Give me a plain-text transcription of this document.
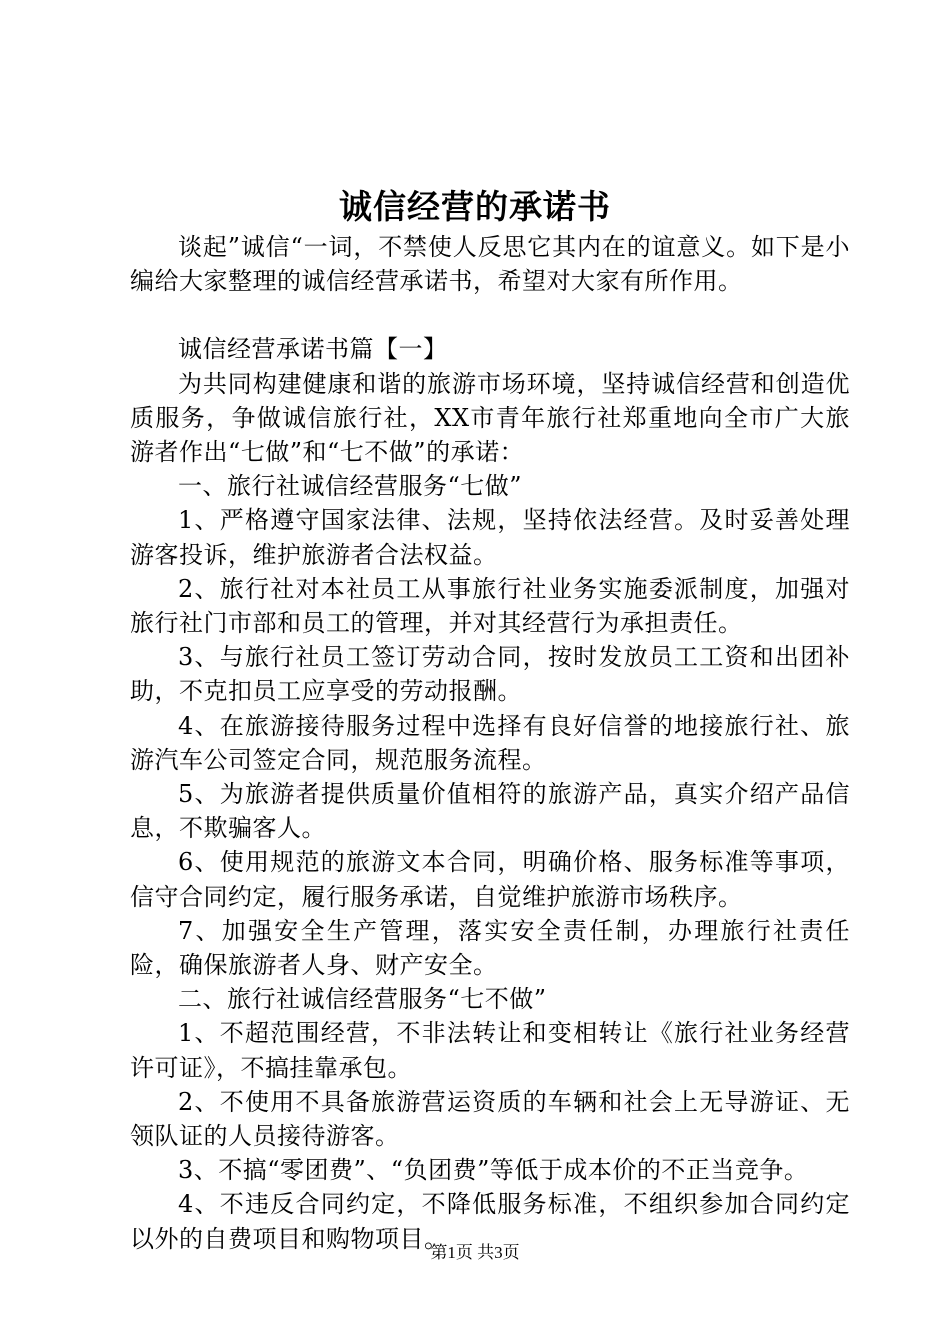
诚信经营的承诺书

谈起”诚信“一词，不禁使人反思它其内在的谊意义。如下是小编给大家整理的诚信经营承诺书，希望对大家有所作用。

诚信经营承诺书篇【一】

为共同构建健康和谐的旅游市场环境，坚持诚信经营和创造优质服务，争做诚信旅行社，XX市青年旅行社郑重地向全市广大旅游者作出“七做”和“七不做”的承诺：

一、旅行社诚信经营服务“七做”

1、严格遵守国家法律、法规，坚持依法经营。及时妥善处理游客投诉，维护旅游者合法权益。

2、旅行社对本社员工从事旅行社业务实施委派制度，加强对旅行社门市部和员工的管理，并对其经营行为承担责任。

3、与旅行社员工签订劳动合同，按时发放员工工资和出团补助，不克扣员工应享受的劳动报酬。

4、在旅游接待服务过程中选择有良好信誉的地接旅行社、旅游汽车公司签定合同，规范服务流程。

5、为旅游者提供质量价值相符的旅游产品，真实介绍产品信息，不欺骗客人。

6、使用规范的旅游文本合同，明确价格、服务标准等事项，信守合同约定，履行服务承诺，自觉维护旅游市场秩序。

7、加强安全生产管理，落实安全责任制，办理旅行社责任险，确保旅游者人身、财产安全。

二、旅行社诚信经营服务“七不做”

1、不超范围经营，不非法转让和变相转让《旅行社业务经营许可证》，不搞挂靠承包。

2、不使用不具备旅游营运资质的车辆和社会上无导游证、无领队证的人员接待游客。

3、不搞“零团费”、“负团费”等低于成本价的不正当竞争。

4、不违反合同约定，不降低服务标准，不组织参加合同约定以外的自费项目和购物项目。

第1页 共3页
